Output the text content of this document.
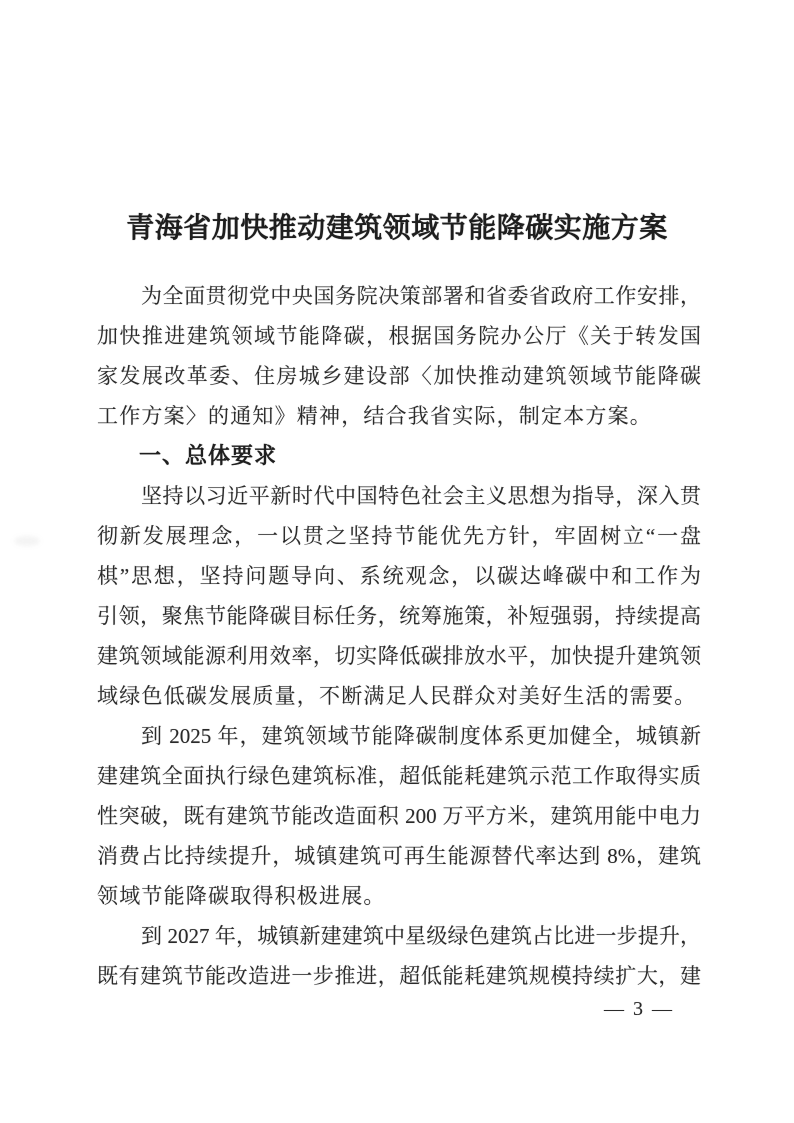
青海省加快推动建筑领域节能降碳实施方案
为全面贯彻党中央国务院决策部署和省委省政府工作安排，
加快推进建筑领域节能降碳，根据国务院办公厅《关于转发国
家发展改革委、住房城乡建设部〈加快推动建筑领域节能降碳
工作方案〉的通知》精神，结合我省实际，制定本方案。
一、总体要求
坚持以习近平新时代中国特色社会主义思想为指导，深入贯
彻新发展理念，一以贯之坚持节能优先方针，牢固树立“一盘
棋”思想，坚持问题导向、系统观念，以碳达峰碳中和工作为
引领，聚焦节能降碳目标任务，统筹施策，补短强弱，持续提高
建筑领域能源利用效率，切实降低碳排放水平，加快提升建筑领
域绿色低碳发展质量，不断满足人民群众对美好生活的需要。
到 2025 年，建筑领域节能降碳制度体系更加健全，城镇新
建建筑全面执行绿色建筑标准，超低能耗建筑示范工作取得实质
性突破，既有建筑节能改造面积 200 万平方米，建筑用能中电力
消费占比持续提升，城镇建筑可再生能源替代率达到 8%，建筑
领域节能降碳取得积极进展。
到 2027 年，城镇新建建筑中星级绿色建筑占比进一步提升，
既有建筑节能改造进一步推进，超低能耗建筑规模持续扩大，建
— 3 —
